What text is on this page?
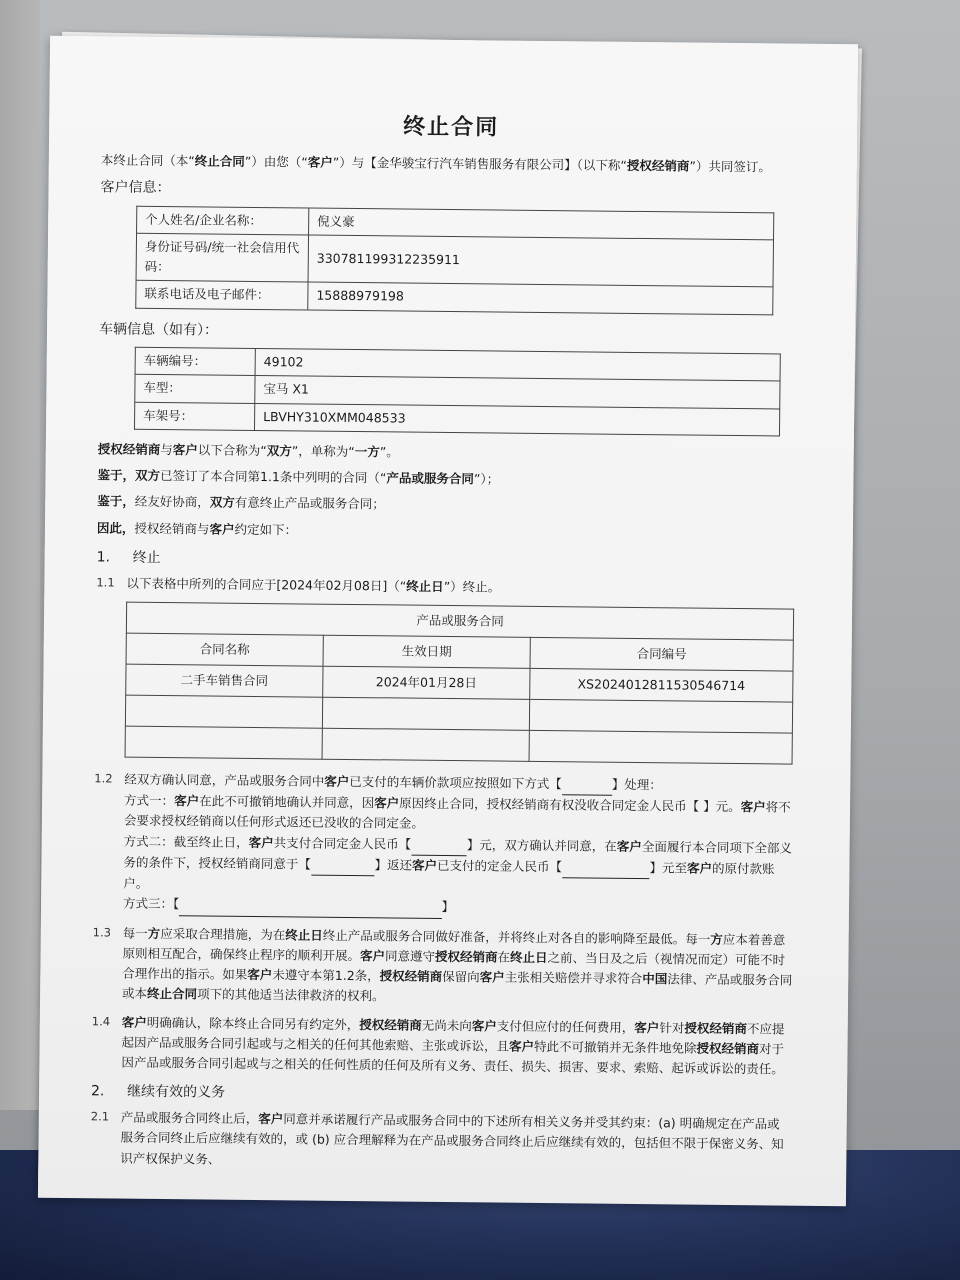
终止合同

本终止合同（本“终止合同”）由您（“客户”）与【金华骏宝行汽车销售服务有限公司】（以下称“授权经销商”）共同签订。

客户信息：
个人姓名/企业名称：	倪义豪
身份证号码/统一社会信用代码：	330781199312235911
联系电话及电子邮件：	15888979198
车辆信息（如有）：
车辆编号：	49102
车型：	宝马 X1
车架号：	LBVHY310XMM048533

授权经销商与客户以下合称为“双方”，单称为“一方”。

鉴于，双方已签订了本合同第1.1条中列明的合同（“产品或服务合同”）；

鉴于，经友好协商，双方有意终止产品或服务合同；

因此，授权经销商与客户约定如下：

1. 终止
1.1 以下表格中所列的合同应于[2024年02月08日]（“终止日”）终止。
产品或服务合同		
合同名称	生效日期	合同编号
二手车销售合同	2024年01月28日	XS20240128115305467​14

1.2 经双方确认同意，产品或服务合同中客户已支付的车辆价款项应按照如下方式【	】处理：
方式一：客户在此不可撤销地确认并同意，因客户原因终止合同，授权经销商有权没收合同定金人民币【 】元。客户将不会要求授权经销商以任何形式返还已没收的合同定金。
方式二：截至终止日，客户共支付合同定金人民币【	】元，双方确认并同意，在客户全面履行本合同项下全部义务的条件下，授权经销商同意于【	】返还客户已支付的定金人民币【	】元至客户的原付款账户。
方式三：【	】
1.3 每一方应采取合理措施，为在终止日终止产品或服务合同做好准备，并将终止对各自的影响降至最低。每一方应本着善意原则相互配合，确保终止程序的顺利开展。客户同意遵守授权经销商在终止日之前、当日及之后（视情况而定）可能不时合理作出的指示。如果客户未遵守本第1.2条，授权经销商保留向客户主张相关赔偿并寻求符合中国法律、产品或服务合同或本终止合同项下的其他适当法律救济的权利。
1.4 客户明确确认，除本终止合同另有约定外，授权经销商无尚未向客户支付但应付的任何费用，客户针对授权经销商不应提起因产品或服务合同引起或与之相关的任何其他索赔、主张或诉讼，且客户特此不可撤销并无条件地免除授权经销商对于因产品或服务合同引起或与之相关的任何性质的任何及所有义务、责任、损失、损害、要求、索赔、起诉或诉讼的责任。
2. 继续有效的义务
2.1 产品或服务合同终止后，客户同意并承诺履行产品或服务合同中的下述所有相关义务并受其约束：(a) 明确规定在产品或服务合同终止后应继续有效的，或 (b) 应合理解释为在产品或服务合同终止后应继续有效的，包括但不限于保密义务、知识产权保护义务、
